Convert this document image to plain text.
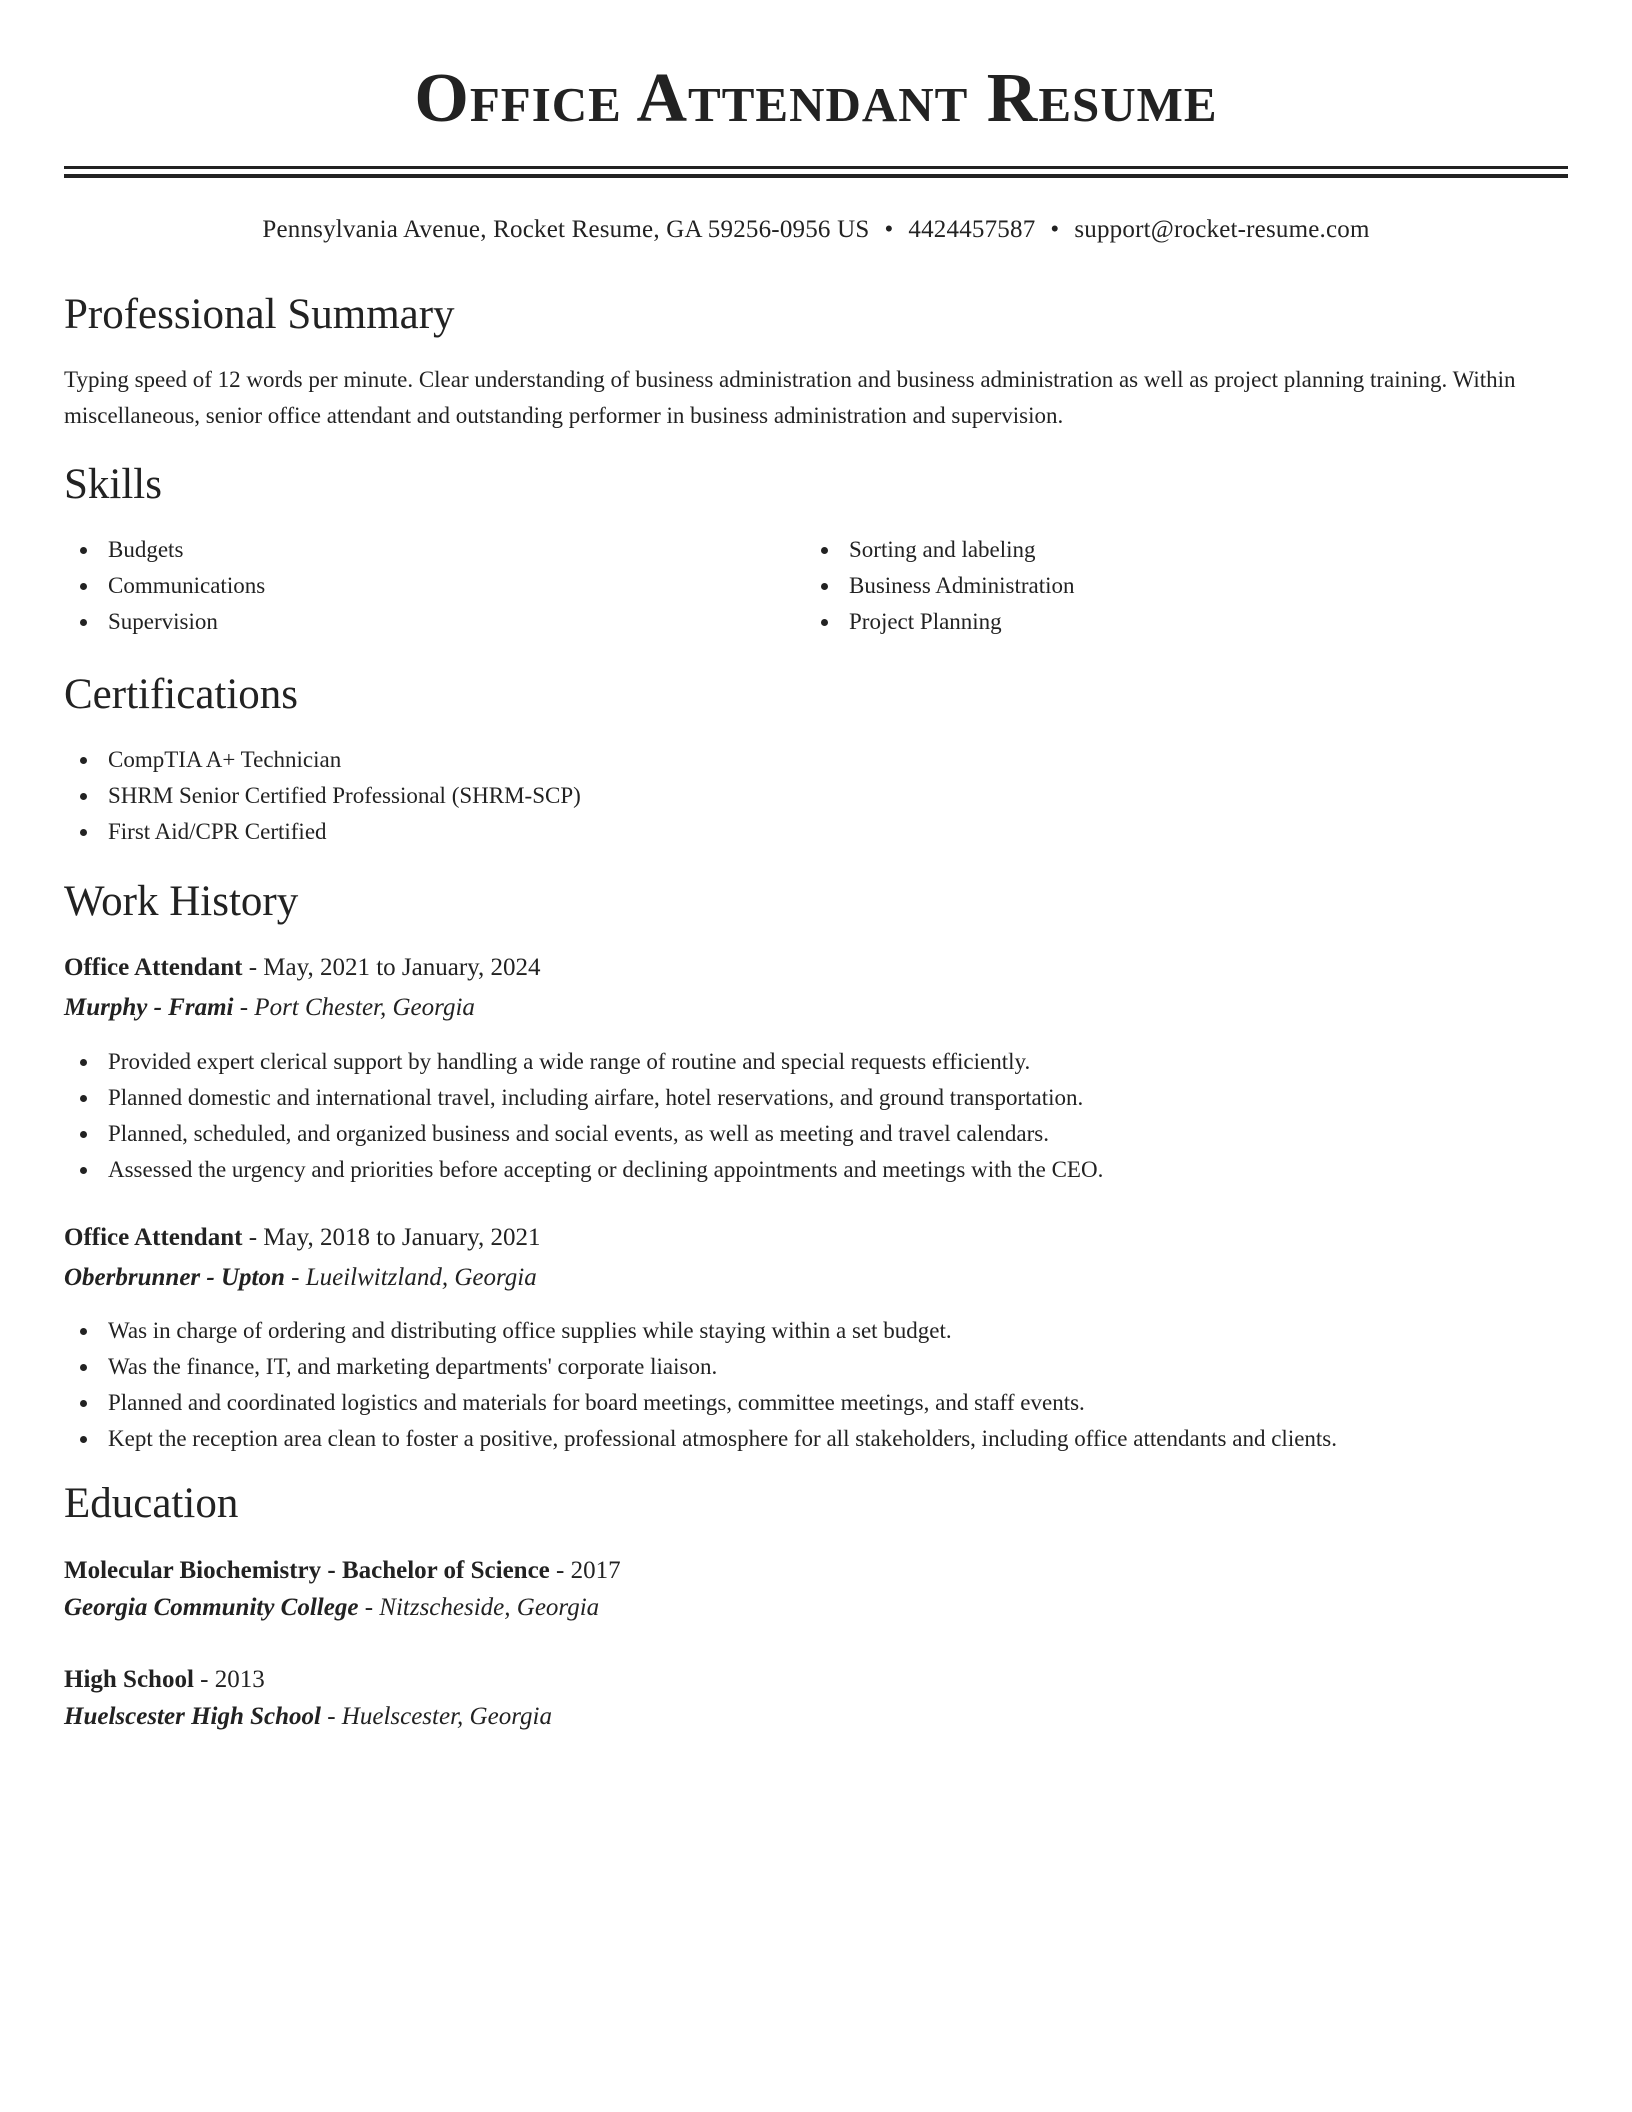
Office Attendant Resume
Pennsylvania Avenue, Rocket Resume, GA 59256-0956 US • 4424457587 • support@rocket-resume.com
Professional Summary

Typing speed of 12 words per minute. Clear understanding of business administration and business administration as well as project planning training. Within miscellaneous, senior office attendant and outstanding performer in business administration and supervision.

Skills
Budgets
Communications
Supervision
Sorting and labeling
Business Administration
Project Planning
Certifications
CompTIA A+ Technician
SHRM Senior Certified Professional (SHRM-SCP)
First Aid/CPR Certified
Work History
Office Attendant - May, 2021 to January, 2024
Murphy - Frami - Port Chester, Georgia
Provided expert clerical support by handling a wide range of routine and special requests efficiently.
Planned domestic and international travel, including airfare, hotel reservations, and ground transportation.
Planned, scheduled, and organized business and social events, as well as meeting and travel calendars.
Assessed the urgency and priorities before accepting or declining appointments and meetings with the CEO.
Office Attendant - May, 2018 to January, 2021
Oberbrunner - Upton - Lueilwitzland, Georgia
Was in charge of ordering and distributing office supplies while staying within a set budget.
Was the finance, IT, and marketing departments' corporate liaison.
Planned and coordinated logistics and materials for board meetings, committee meetings, and staff events.
Kept the reception area clean to foster a positive, professional atmosphere for all stakeholders, including office attendants and clients.
Education
Molecular Biochemistry - Bachelor of Science - 2017
Georgia Community College - Nitzscheside, Georgia
High School - 2013
Huelscester High School - Huelscester, Georgia
